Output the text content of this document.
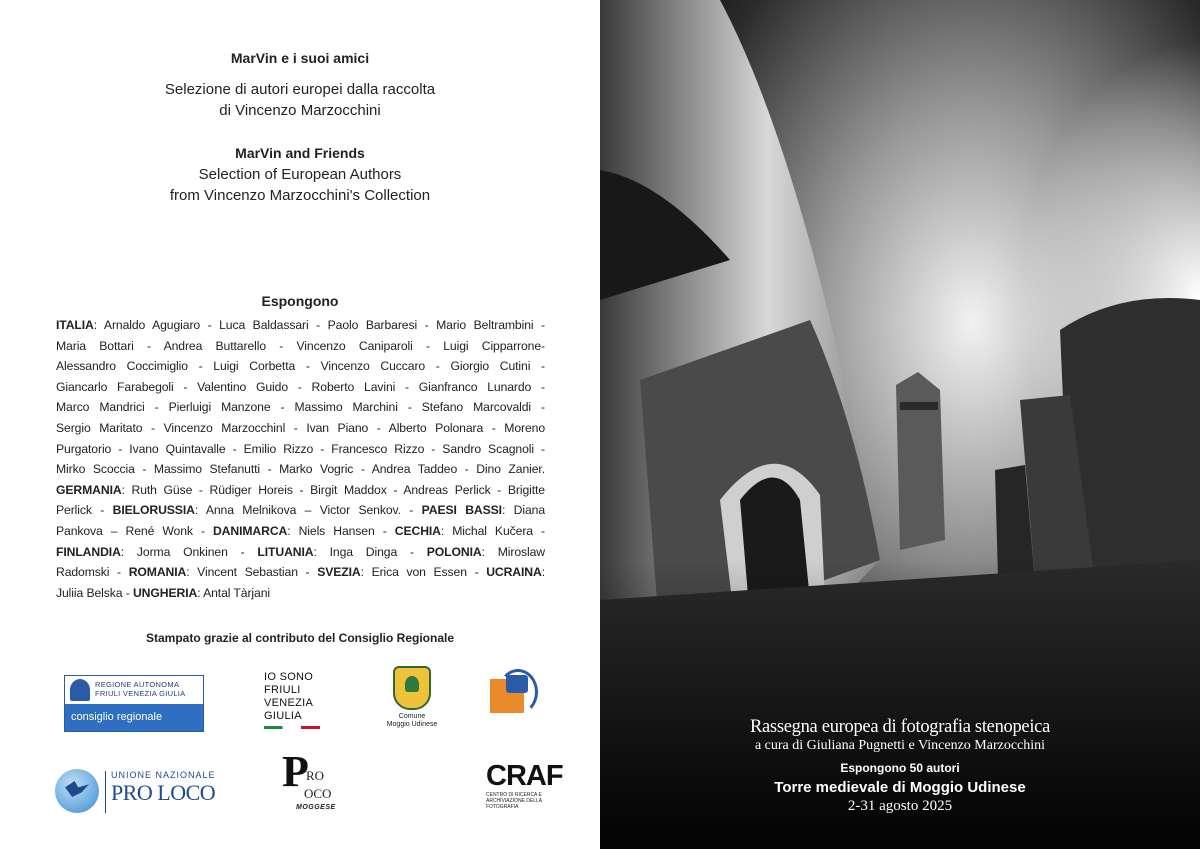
MarVin e i suoi amici
Selezione di autori europei dalla raccolta
di Vincenzo Marzocchini
MarVin and Friends
Selection of European Authors
from Vincenzo Marzocchini's Collection
Espongono
ITALIA: Arnaldo Agugiaro - Luca Baldassari - Paolo Barbaresi - Mario Beltrambini -
Maria Bottari - Andrea Buttarello - Vincenzo Caniparoli - Luigi Cipparrone-
Alessandro Coccimiglio - Luigi Corbetta - Vincenzo Cuccaro - Giorgio Cutini -
Giancarlo Farabegoli - Valentino Guido - Roberto Lavini - Gianfranco Lunardo -
Marco Mandrici - Pierluigi Manzone - Massimo Marchini - Stefano Marcovaldi -
Sergio Maritato - Vincenzo Marzocchinl - Ivan Piano - Alberto Polonara - Moreno
Purgatorio - Ivano Quintavalle - Emilio Rizzo - Francesco Rizzo - Sandro Scagnoli -
Mirko Scoccia - Massimo Stefanutti - Marko Vogric - Andrea Taddeo - Dino Zanier.
GERMANIA: Ruth Güse - Rüdiger Horeis - Birgit Maddox - Andreas Perlick - Brigitte
Perlick - BIELORUSSIA: Anna Melnikova – Victor Senkov. - PAESI BASSI: Diana
Pankova – René Wonk - DANIMARCA: Niels Hansen - CECHIA: Michal Kučera -
FINLANDIA: Jorma Onkinen - LITUANIA: Inga Dinga - POLONIA: Miroslaw
Radomski - ROMANIA: Vincent Sebastian - SVEZIA: Erica von Essen - UCRAINA:
Juliia Belska - UNGHERIA: Antal Tàrjani
Stampato grazie al contributo del Consiglio Regionale
REGIONE AUTONOMA
FRIULI VENEZIA GIULIA
consiglio regionale
IO SONO
FRIULI
VENEZIA
GIULIA	Comune
Moggio Udinese
UNIONE NAZIONALE
PRO LOCO P
RO
OCO
MOGGESE
CRAF
CENTRO DI RICERCA E ARCHIVIAZIONE DELLA FOTOGRAFIA
Rassegna europea di fotografia stenopeica
a cura di Giuliana Pugnetti e Vincenzo Marzocchini
Espongono 50 autori
Torre medievale di Moggio Udinese
2-31 agosto 2025
